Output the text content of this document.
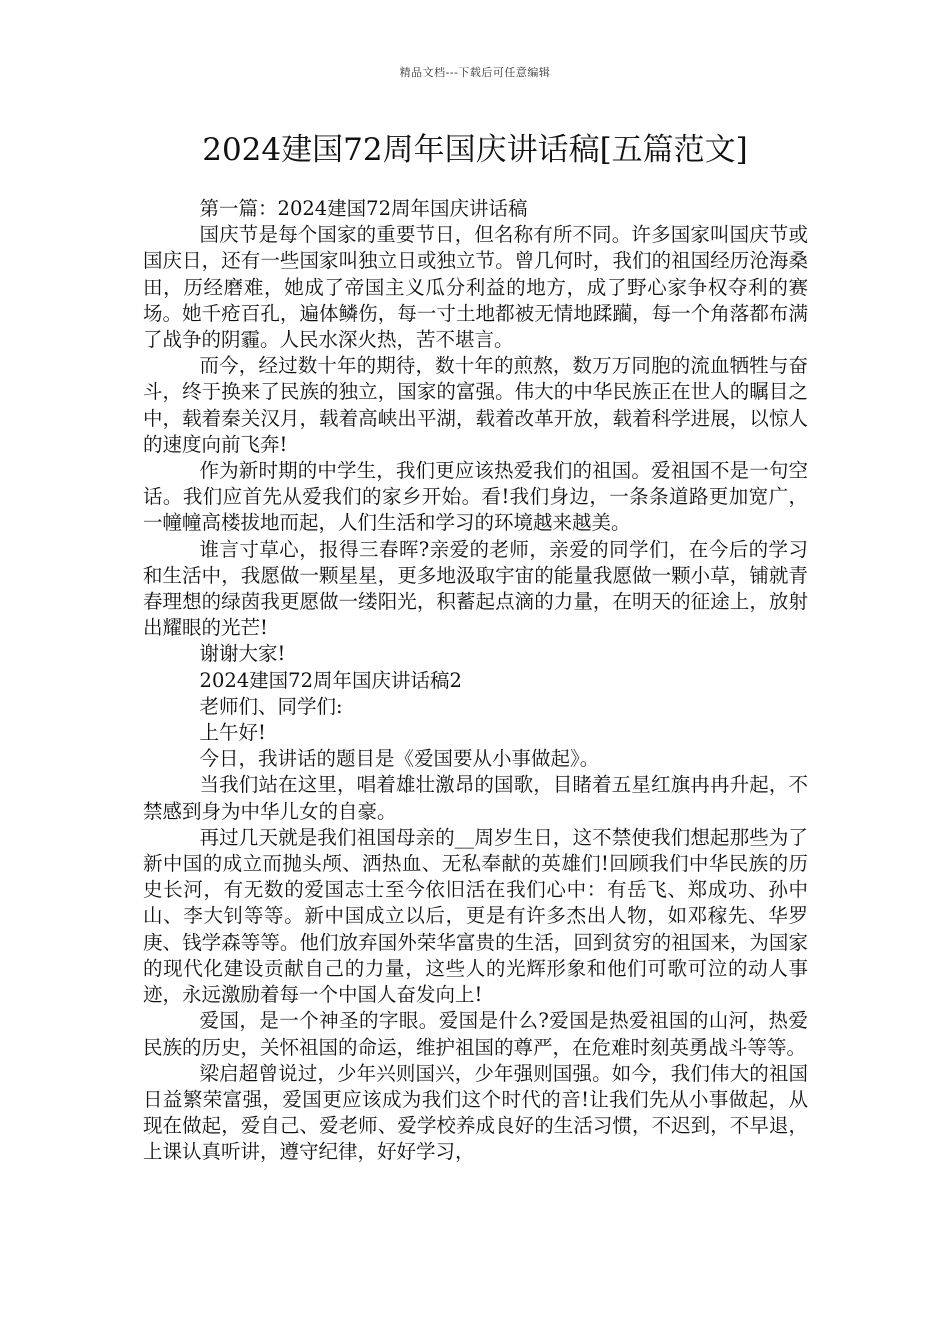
精品文档---下载后可任意编辑
2024建国72周年国庆讲话稿[五篇范文]

第一篇：2024建国72周年国庆讲话稿

国庆节是每个国家的重要节日，但名称有所不同。许多国家叫国庆节或国庆日，还有一些国家叫独立日或独立节。曾几何时，我们的祖国经历沧海桑田，历经磨难，她成了帝国主义瓜分利益的地方，成了野心家争权夺利的赛场。她千疮百孔，遍体鳞伤，每一寸土地都被无情地蹂躏，每一个角落都布满了战争的阴霾。人民水深火热，苦不堪言。

而今，经过数十年的期待，数十年的煎熬，数万万同胞的流血牺牲与奋斗，终于换来了民族的独立，国家的富强。伟大的中华民族正在世人的瞩目之中，载着秦关汉月，载着高峡出平湖，载着改革开放，载着科学进展，以惊人的速度向前飞奔!

作为新时期的中学生，我们更应该热爱我们的祖国。爱祖国不是一句空话。我们应首先从爱我们的家乡开始。看!我们身边，一条条道路更加宽广，一幢幢高楼拔地而起，人们生活和学习的环境越来越美。

谁言寸草心，报得三春晖?亲爱的老师，亲爱的同学们，在今后的学习和生活中，我愿做一颗星星，更多地汲取宇宙的能量我愿做一颗小草，铺就青春理想的绿茵我更愿做一缕阳光，积蓄起点滴的力量，在明天的征途上，放射出耀眼的光芒!

谢谢大家!

2024建国72周年国庆讲话稿2

老师们、同学们:

上午好!

今日，我讲话的题目是《爱国要从小事做起》。

当我们站在这里，唱着雄壮激昂的国歌，目睹着五星红旗冉冉升起，不禁感到身为中华儿女的自豪。

再过几天就是我们祖国母亲的__周岁生日，这不禁使我们想起那些为了新中国的成立而抛头颅、洒热血、无私奉献的英雄们!回顾我们中华民族的历史长河，有无数的爱国志士至今依旧活在我们心中：有岳飞、郑成功、孙中山、李大钊等等。新中国成立以后，更是有许多杰出人物，如邓稼先、华罗庚、钱学森等等。他们放弃国外荣华富贵的生活，回到贫穷的祖国来，为国家的现代化建设贡献自己的力量，这些人的光辉形象和他们可歌可泣的动人事迹，永远激励着每一个中国人奋发向上!

爱国，是一个神圣的字眼。爱国是什么?爱国是热爱祖国的山河，热爱民族的历史，关怀祖国的命运，维护祖国的尊严，在危难时刻英勇战斗等等。

梁启超曾说过，少年兴则国兴，少年强则国强。如今，我们伟大的祖国日益繁荣富强，爱国更应该成为我们这个时代的音!让我们先从小事做起，从现在做起，爱自己、爱老师、爱学校养成良好的生活习惯，不迟到，不早退，上课认真听讲，遵守纪律，好好学习，
